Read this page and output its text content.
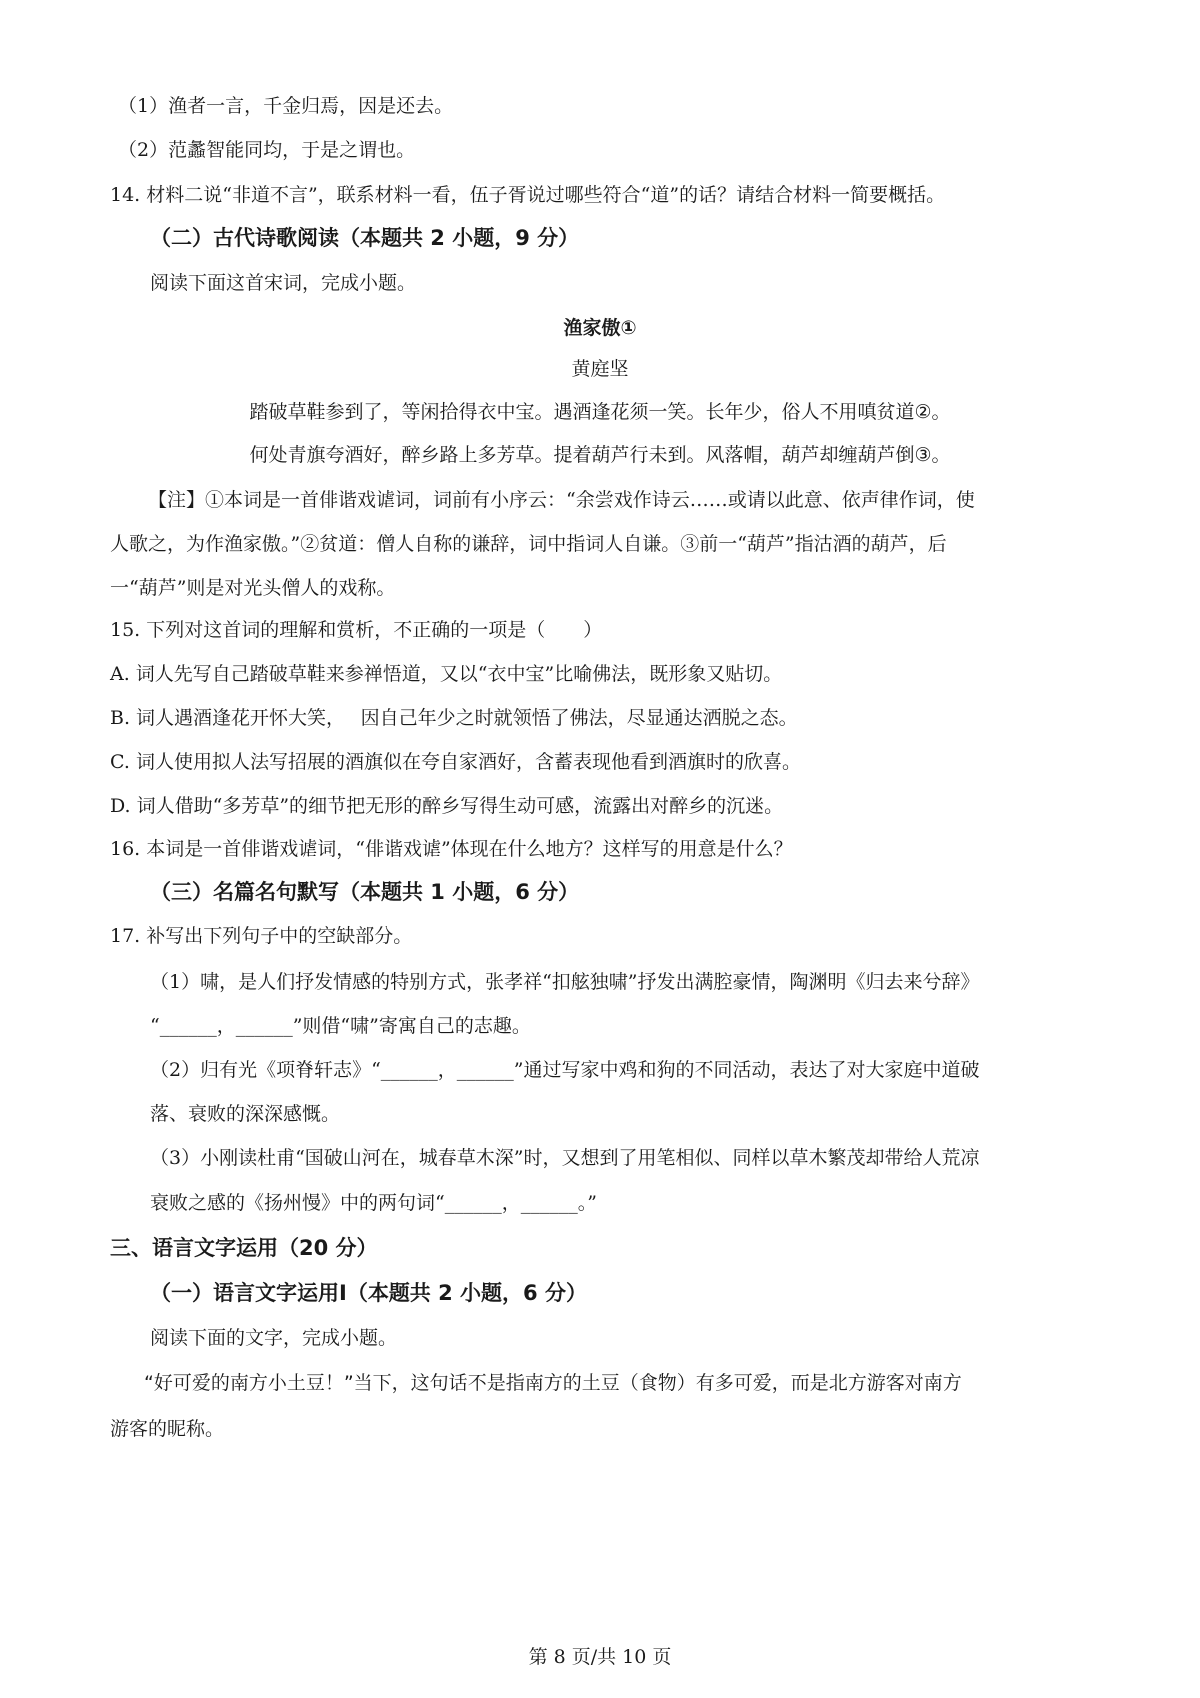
（1）渔者一言，千金归焉，因是还去。
（2）范蠡智能同均，于是之谓也。
14. 材料二说“非道不言”，联系材料一看，伍子胥说过哪些符合“道”的话？请结合材料一简要概括。
（二）古代诗歌阅读（本题共 2 小题，9 分）
阅读下面这首宋词，完成小题。
渔家傲①
黄庭坚
踏破草鞋参到了，等闲拾得衣中宝。遇酒逢花须一笑。长年少，俗人不用嗔贫道②。
何处青旗夸酒好，醉乡路上多芳草。提着葫芦行未到。风落帽，葫芦却缠葫芦倒③。
【注】①本词是一首俳谐戏谑词，词前有小序云：“余尝戏作诗云……或请以此意、依声律作词，使
人歌之，为作渔家傲。”②贫道：僧人自称的谦辞，词中指词人自谦。③前一“葫芦”指沽酒的葫芦，后
一“葫芦”则是对光头僧人的戏称。
15. 下列对这首词的理解和赏析，不正确的一项是（　　）
A. 词人先写自己踏破草鞋来参禅悟道，又以“衣中宝”比喻佛法，既形象又贴切。
B. 词人遇酒逢花开怀大笑，　 因自己年少之时就领悟了佛法，尽显通达洒脱之态。
C. 词人使用拟人法写招展的酒旗似在夸自家酒好，含蓄表现他看到酒旗时的欣喜。
D. 词人借助“多芳草”的细节把无形的醉乡写得生动可感，流露出对醉乡的沉迷。
16. 本词是一首俳谐戏谑词，“俳谐戏谑”体现在什么地方？这样写的用意是什么？
（三）名篇名句默写（本题共 1 小题，6 分）
17. 补写出下列句子中的空缺部分。
（1）啸，是人们抒发情感的特别方式，张孝祥“扣舷独啸”抒发出满腔豪情，陶渊明《归去来兮辞》
“______，______”则借“啸”寄寓自己的志趣。
（2）归有光《项脊轩志》“______，______”通过写家中鸡和狗的不同活动，表达了对大家庭中道破
落、衰败的深深感慨。
（3）小刚读杜甫“国破山河在，城春草木深”时，又想到了用笔相似、同样以草木繁茂却带给人荒凉
衰败之感的《扬州慢》中的两句词“______，______。”
三、语言文字运用（20 分）
（一）语言文字运用Ⅰ（本题共 2 小题，6 分）
阅读下面的文字，完成小题。
“好可爱的南方小土豆！”当下，这句话不是指南方的土豆（食物）有多可爱，而是北方游客对南方
游客的昵称。
第 8 页/共 10 页
